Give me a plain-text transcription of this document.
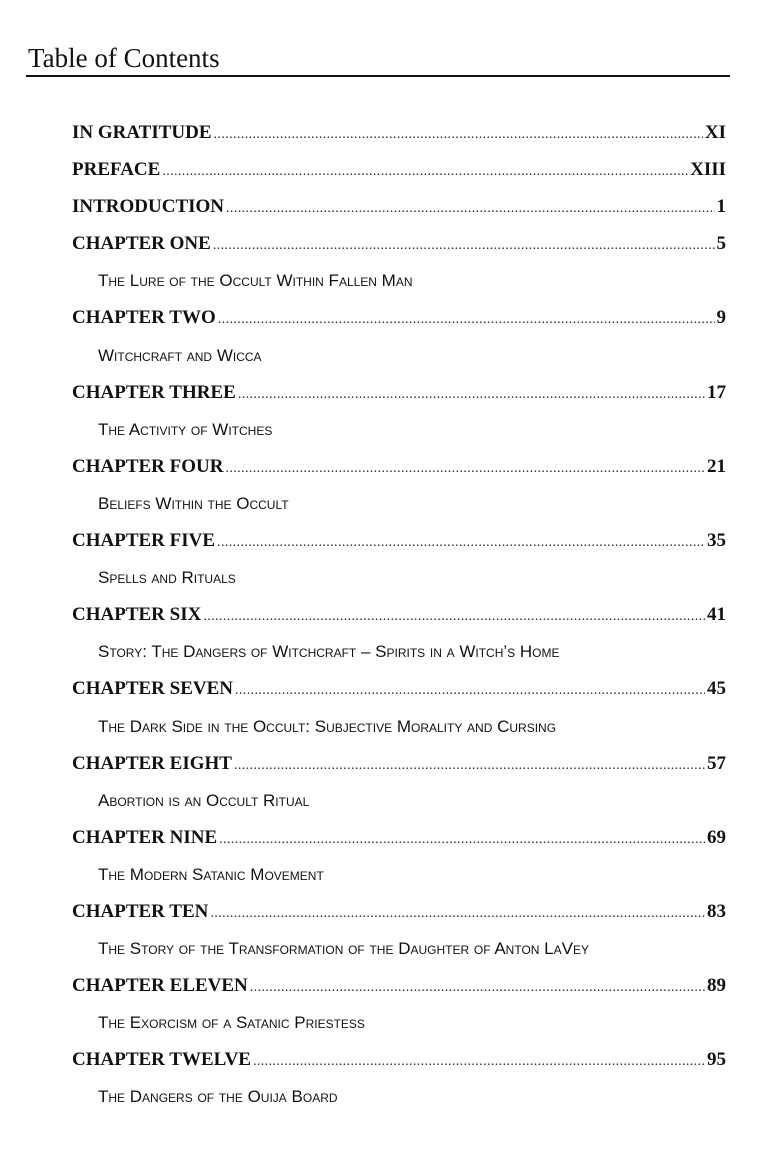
Table of Contents
IN GRATITUDE .....	XI
PREFACE .....	XIII
INTRODUCTION .....	1
CHAPTER ONE .....	5
The Lure of the Occult Within Fallen Man
CHAPTER TWO .....	9
Witchcraft and Wicca
CHAPTER THREE .....	17
The Activity of Witches
CHAPTER FOUR .....	21
Beliefs Within the Occult
CHAPTER FIVE .....	35
Spells and Rituals
CHAPTER SIX .....	41
Story: The Dangers of Witchcraft – Spirits in a Witch’s Home
CHAPTER SEVEN .....	45
The Dark Side in the Occult: Subjective Morality and Cursing
CHAPTER EIGHT .....	57
Abortion is an Occult Ritual
CHAPTER NINE .....	69
The Modern Satanic Movement
CHAPTER TEN .....	83
The Story of the Transformation of the Daughter of Anton LaVey
CHAPTER ELEVEN .....	89
The Exorcism of a Satanic Priestess
CHAPTER TWELVE .....	95
The Dangers of the Ouija Board
